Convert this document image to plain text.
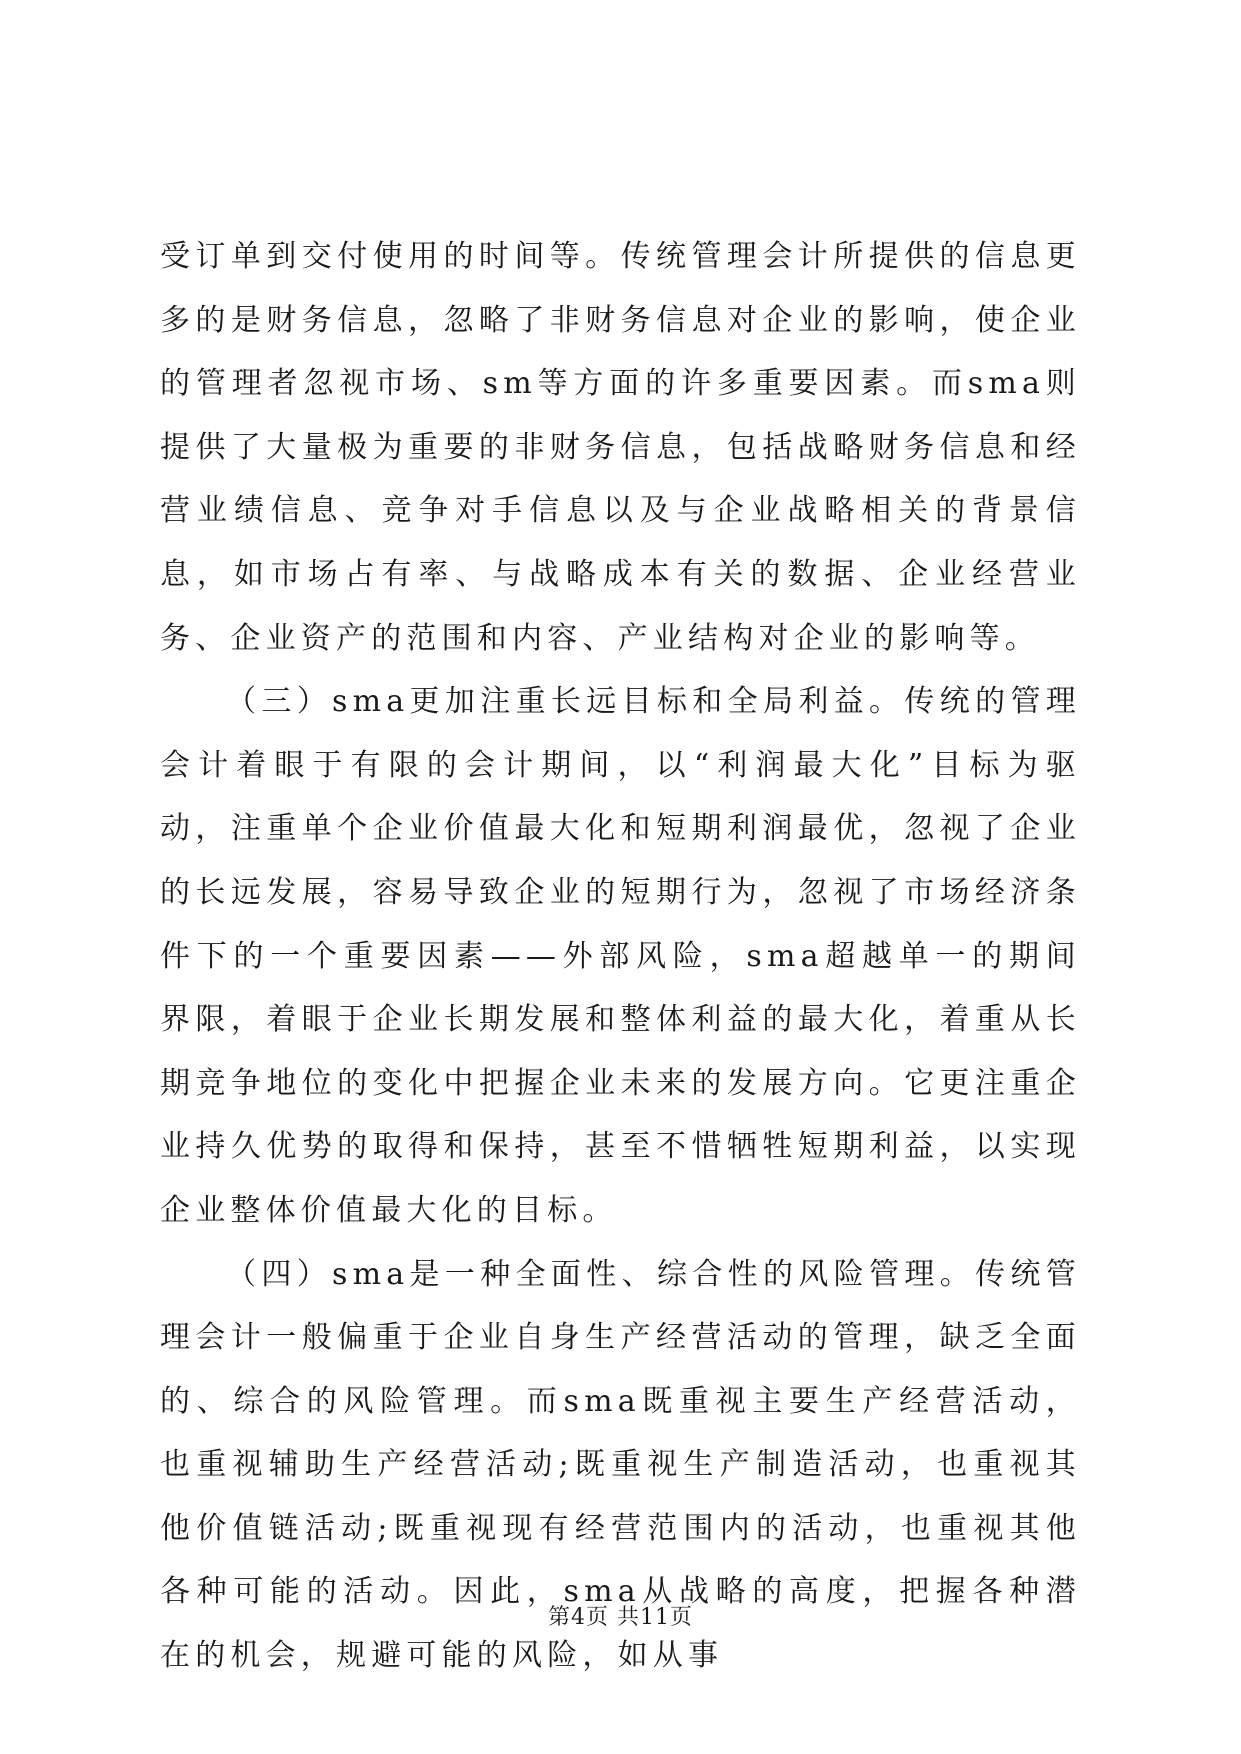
受订单到交付使用的时间等。传统管理会计所提供的信息更多的是财务信息，忽略了非财务信息对企业的影响，使企业的管理者忽视市场、sm等方面的许多重要因素。而sma则提供了大量极为重要的非财务信息，包括战略财务信息和经营业绩信息、竞争对手信息以及与企业战略相关的背景信息，如市场占有率、与战略成本有关的数据、企业经营业务、企业资产的范围和内容、产业结构对企业的影响等。

（三）sma更加注重长远目标和全局利益。传统的管理会计着眼于有限的会计期间，以“利润最大化”目标为驱动，注重单个企业价值最大化和短期利润最优，忽视了企业的长远发展，容易导致企业的短期行为，忽视了市场经济条件下的一个重要因素——外部风险，sma超越单一的期间界限，着眼于企业长期发展和整体利益的最大化，着重从长期竞争地位的变化中把握企业未来的发展方向。它更注重企业持久优势的取得和保持，甚至不惜牺牲短期利益，以实现企业整体价值最大化的目标。

（四）sma是一种全面性、综合性的风险管理。传统管理会计一般偏重于企业自身生产经营活动的管理，缺乏全面的、综合的风险管理。而sma既重视主要生产经营活动，也重视辅助生产经营活动;既重视生产制造活动，也重视其他价值链活动;既重视现有经营范围内的活动，也重视其他各种可能的活动。因此，sma从战略的高度，把握各种潜在的机会，规避可能的风险，如从事

第4页 共11页
